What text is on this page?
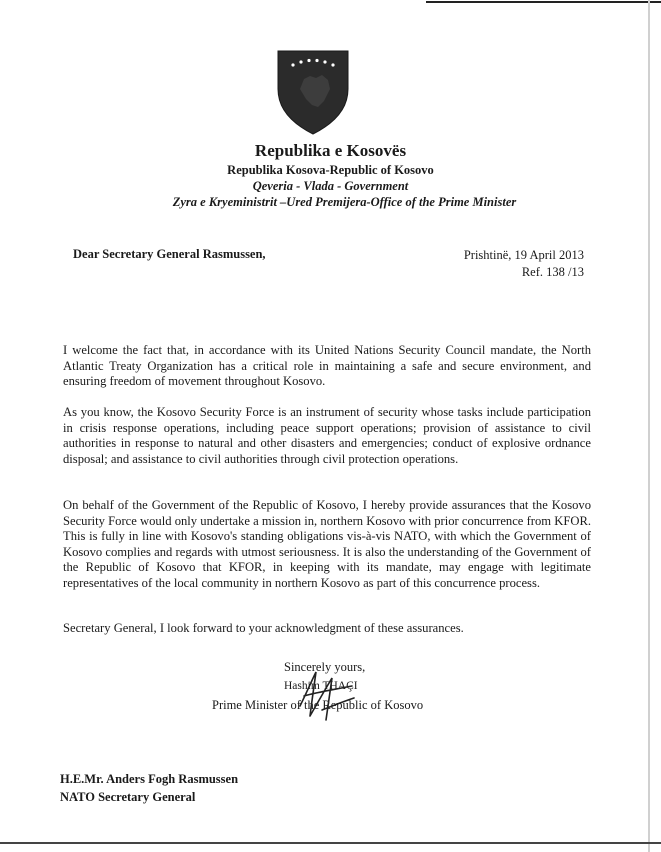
Republika e Kosovës
Republika Kosova-Republic of Kosovo
Qeveria - Vlada - Government
Zyra e Kryeministrit –Ured Premijera-Office of the Prime Minister
Dear Secretary General Rasmussen,	Prishtinë, 19 April 2013
Ref. 138 /13

I welcome the fact that, in accordance with its United Nations Security Council mandate, the North Atlantic Treaty Organization has a critical role in maintaining a safe and secure environment, and ensuring freedom of movement throughout Kosovo.

As you know, the Kosovo Security Force is an instrument of security whose tasks include participation in crisis response operations, including peace support operations; provision of assistance to civil authorities in response to natural and other disasters and emergencies; conduct of explosive ordnance disposal; and assistance to civil authorities through civil protection operations.

On behalf of the Government of the Republic of Kosovo, I hereby provide assurances that the Kosovo Security Force would only undertake a mission in, northern Kosovo with prior concurrence from KFOR. This is fully in line with Kosovo's standing obligations vis-à-vis NATO, with which the Government of Kosovo complies and regards with utmost seriousness. It is also the understanding of the Government of the Republic of Kosovo that KFOR, in keeping with its mandate, may engage with legitimate representatives of the local community in northern Kosovo as part of this concurrence process.

Secretary General, I look forward to your acknowledgment of these assurances.

Sincerely yours,
Hashim THAÇI
Prime Minister of the Republic of Kosovo
H.E.Mr. Anders Fogh Rasmussen
NATO Secretary General
